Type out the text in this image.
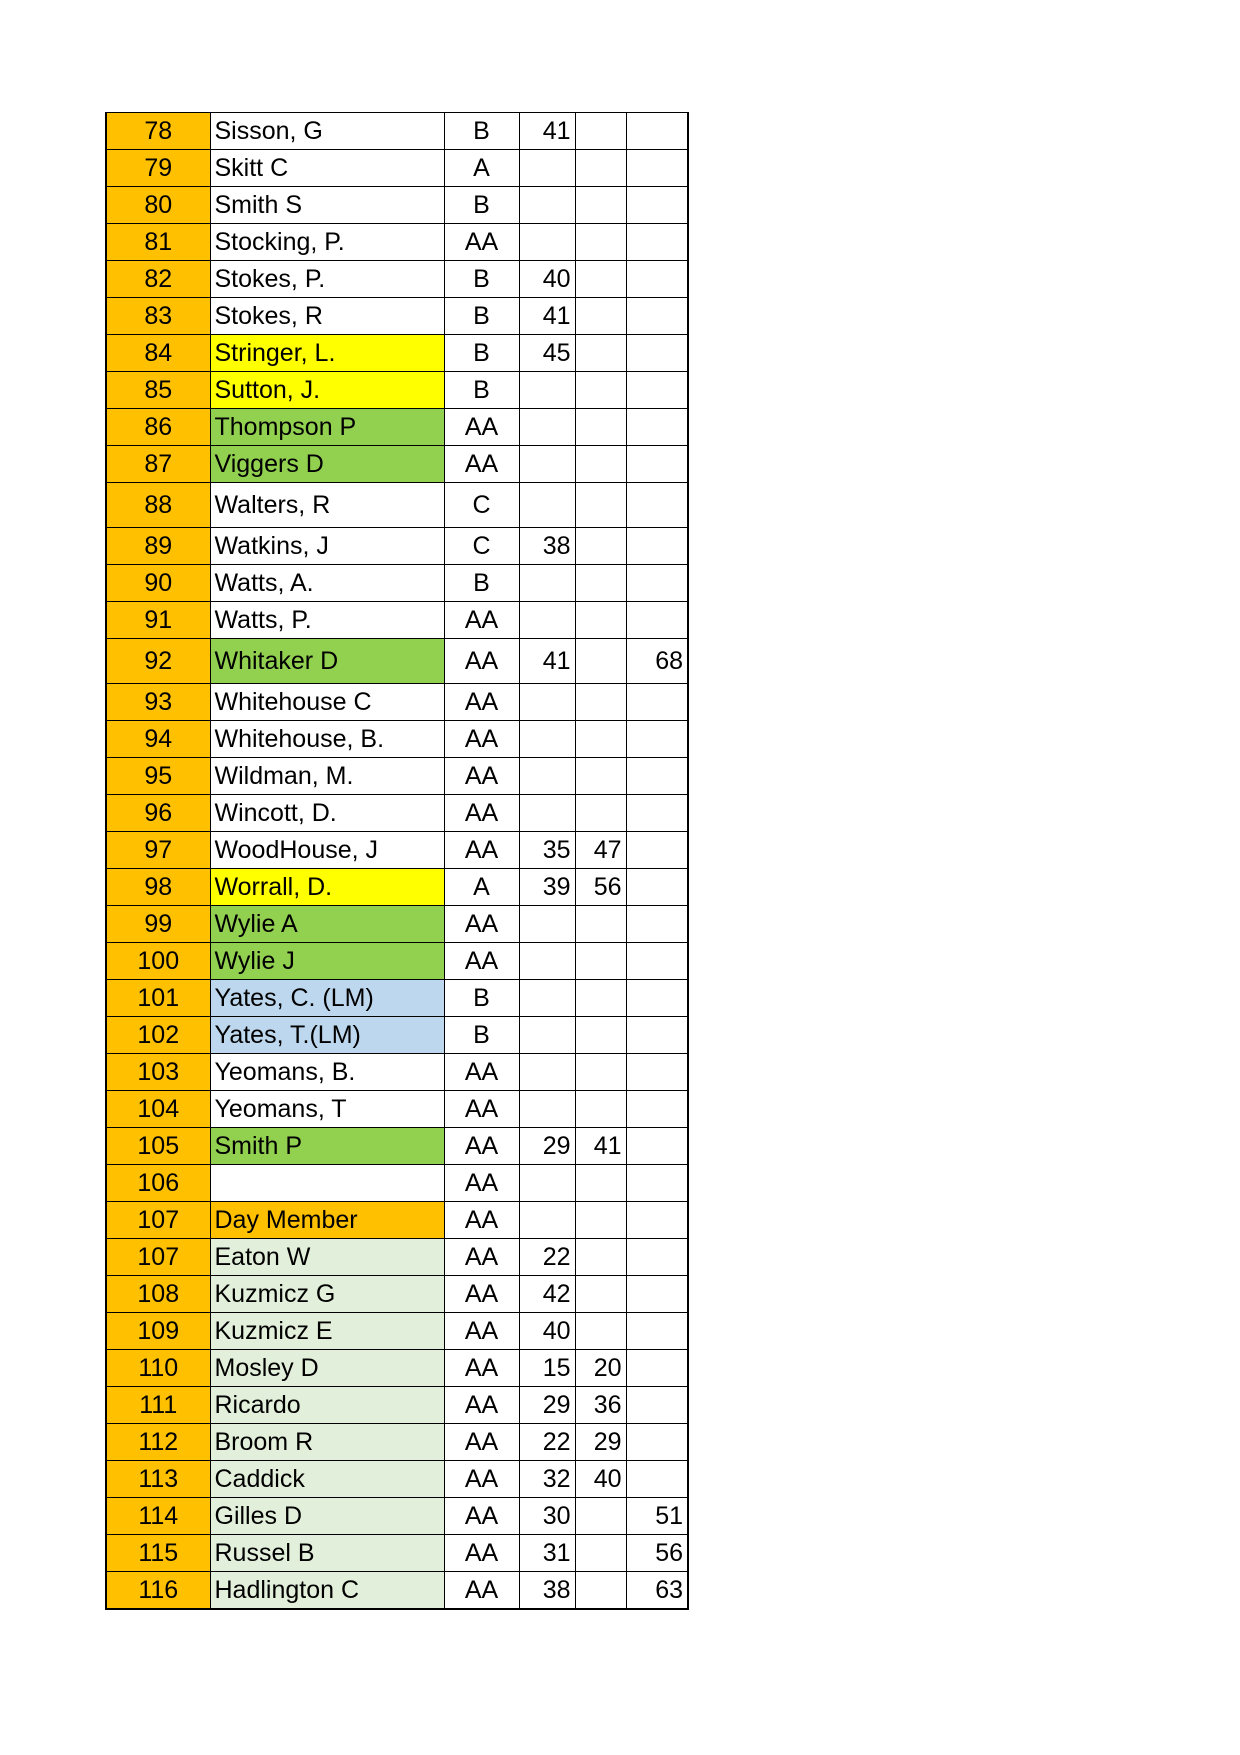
78	Sisson, G	B	41		
79	Skitt C	A			
80	Smith S	B			
81	Stocking, P.	AA			
82	Stokes, P.	B	40		
83	Stokes, R	B	41		
84	Stringer, L.	B	45		
85	Sutton, J.	B			
86	Thompson P	AA			
87	Viggers D	AA			
88	Walters, R	C			
89	Watkins, J	C	38		
90	Watts, A.	B			
91	Watts, P.	AA			
92	Whitaker D	AA	41		68
93	Whitehouse C	AA			
94	Whitehouse, B.	AA			
95	Wildman, M.	AA			
96	Wincott, D.	AA			
97	WoodHouse, J	AA	35	47	
98	Worrall, D.	A	39	56	
99	Wylie A	AA			
100	Wylie J	AA			
101	Yates, C. (LM)	B			
102	Yates, T.(LM)	B			
103	Yeomans, B.	AA			
104	Yeomans, T	AA			
105	Smith P	AA	29	41	
106		AA			
107	Day Member	AA			
107	Eaton W	AA	22		
108	Kuzmicz G	AA	42		
109	Kuzmicz E	AA	40		
110	Mosley D	AA	15	20	
111	Ricardo	AA	29	36	
112	Broom R	AA	22	29	
113	Caddick	AA	32	40	
114	Gilles D	AA	30		51
115	Russel B	AA	31		56
116	Hadlington C	AA	38		63
